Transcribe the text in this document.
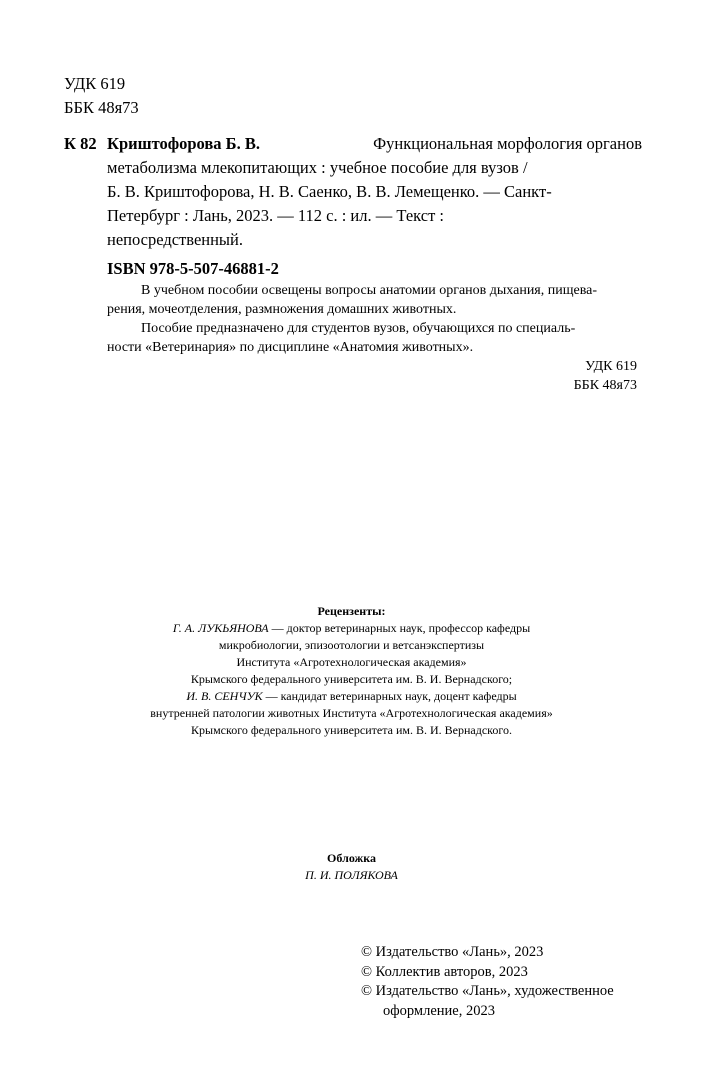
УДК 619
ББК 48я73
К 82 Криштофорова Б. В.	Функциональная морфология органов
метаболизма млекопитающих : учебное пособие для вузов /
Б. В. Криштофорова, Н. В. Саенко, В. В. Лемещенко. — Санкт-
Петербург : Лань, 2023. — 112 с. : ил. — Текст :
непосредственный.
ISBN 978-5-507-46881-2
В учебном пособии освещены вопросы анатомии органов дыхания, пищева-
рения, мочеотделения, размножения домашних животных.
Пособие предназначено для студентов вузов, обучающихся по специаль-
ности «Ветеринария» по дисциплине «Анатомия животных».
УДК 619
ББК 48я73
Рецензенты:
Г. А. ЛУКЬЯНОВА — доктор ветеринарных наук, профессор кафедры
микробиологии, эпизоотологии и ветсанэкспертизы
Института «Агротехнологическая академия»
Крымского федерального университета им. В. И. Вернадского;
И. В. СЕНЧУК — кандидат ветеринарных наук, доцент кафедры
внутренней патологии животных Института «Агротехнологическая академия»
Крымского федерального университета им. В. И. Вернадского.
Обложка
П. И. ПОЛЯКОВА
© Издательство «Лань», 2023
© Коллектив авторов, 2023
© Издательство «Лань», художественное
оформление, 2023
